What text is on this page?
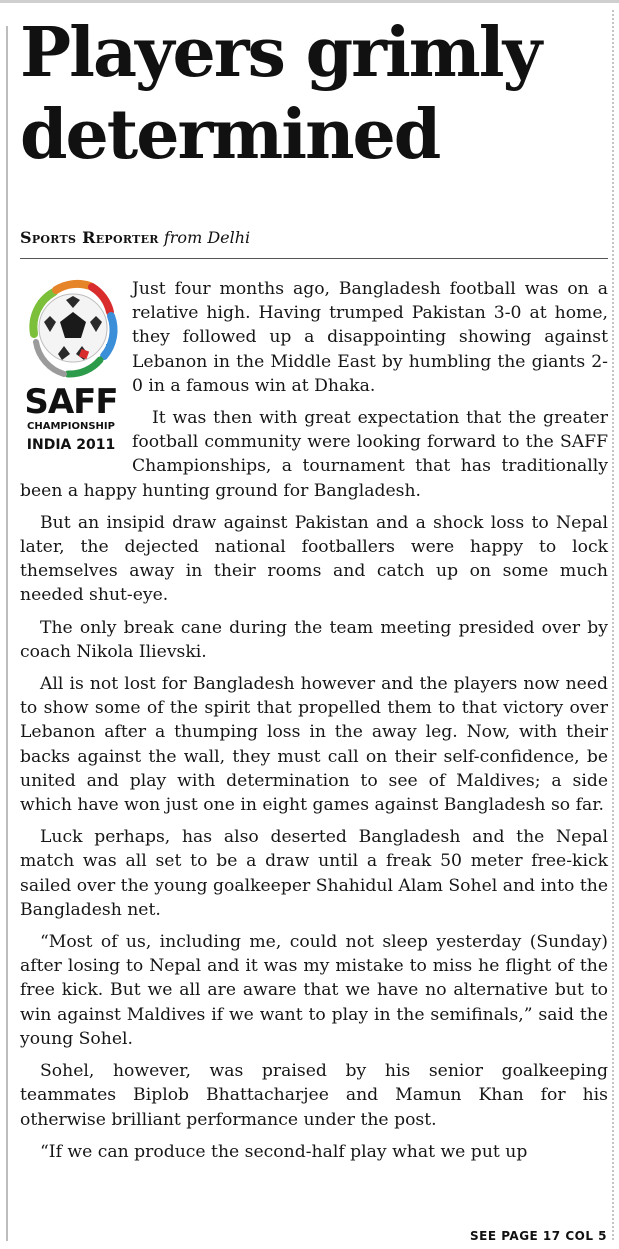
Players grimly
determined
Sports Reporter from Delhi
SAFF
CHAMPIONSHIP
INDIA 2011

Just four months ago, Bangladesh football was on a relative high. Having trumped Pakistan 3-0 at home, they followed up a disappointing showing against Lebanon in the Middle East by humbling the giants 2-0 in a famous win at Dhaka.

It was then with great expectation that the greater football community were looking forward to the SAFF Championships, a tournament that has traditionally been a happy hunting ground for Bangladesh.

But an insipid draw against Pakistan and a shock loss to Nepal later, the dejected national footballers were happy to lock themselves away in their rooms and catch up on some much needed shut-eye.

The only break cane during the team meeting presided over by coach Nikola Ilievski.

All is not lost for Bangladesh however and the players now need to show some of the spirit that propelled them to that victory over Lebanon after a thumping loss in the away leg. Now, with their backs against the wall, they must call on their self-confidence, be united and play with determination to see of Maldives; a side which have won just one in eight games against Bangladesh so far.

Luck perhaps, has also deserted Bangladesh and the Nepal match was all set to be a draw until a freak 50 meter free-kick sailed over the young goalkeeper Shahidul Alam Sohel and into the Bangladesh net.

“Most of us, including me, could not sleep yesterday (Sunday) after losing to Nepal and it was my mistake to miss he flight of the free kick. But we all are aware that we have no alternative but to win against Maldives if we want to play in the semifinals,” said the young Sohel.

Sohel, however, was praised by his senior goalkeeping teammates Biplob Bhattacharjee and Mamun Khan for his otherwise brilliant performance under the post.

“If we can produce the second-half play what we put up

SEE PAGE 17 COL 5
